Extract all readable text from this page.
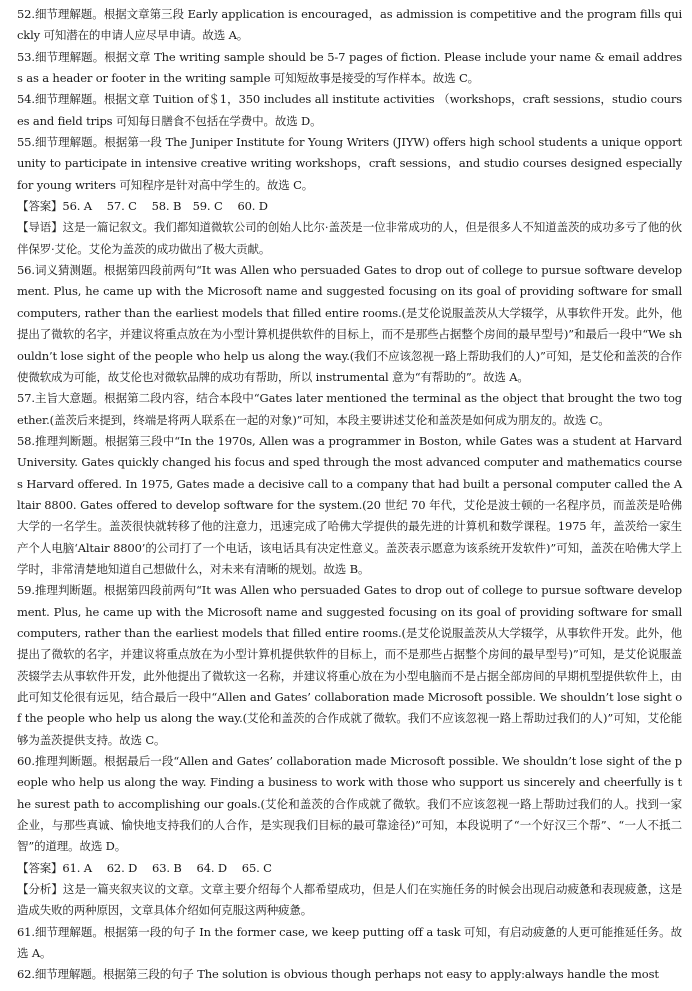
52.细节理解题。根据文章第三段 Early application is encouraged，as admission is competitive and the program fills quickly 可知潜在的申请人应尽早申请。故选 A。

53.细节理解题。根据文章 The writing sample should be 5-7 pages of fiction. Please include your name & email address as a header or footer in the writing sample 可知短故事是接受的写作样本。故选 C。

54.细节理解题。根据文章 Tuition of＄1，350 includes all institute activities （workshops，craft sessions，studio courses and field trips 可知每日膳食不包括在学费中。故选 D。

55.细节理解题。根据第一段 The Juniper Institute for Young Writers (JIYW) offers high school students a unique opportunity to participate in intensive creative writing workshops，craft sessions，and studio courses designed especially for young writers 可知程序是针对高中学生的。故选 C。

【答案】56. A　 57. C　 58. B　59. C　 60. D

【导语】这是一篇记叙文。我们都知道微软公司的创始人比尔·盖茨是一位非常成功的人，但是很多人不知道盖茨的成功多亏了他的伙伴保罗·艾伦。艾伦为盖茨的成功做出了极大贡献。

56.词义猜测题。根据第四段前两句“It was Allen who persuaded Gates to drop out of college to pursue software development. Plus, he came up with the Microsoft name and suggested focusing on its goal of providing software for small computers, rather than the earliest models that filled entire rooms.(是艾伦说服盖茨从大学辍学，从事软件开发。此外，他提出了微软的名字，并建议将重点放在为小型计算机提供软件的目标上，而不是那些占据整个房间的最早型号)”和最后一段中“We shouldn’t lose sight of the people who help us along the way.(我们不应该忽视一路上帮助我们的人)”可知，是艾伦和盖茨的合作使微软成为可能，故艾伦也对微软品牌的成功有帮助，所以 instrumental 意为“有帮助的”。故选 A。

57.主旨大意题。根据第二段内容，结合本段中“Gates later mentioned the terminal as the object that brought the two together.(盖茨后来提到，终端是将两人联系在一起的对象)”可知，本段主要讲述艾伦和盖茨是如何成为朋友的。故选 C。

58.推理判断题。根据第三段中“In the 1970s, Allen was a programmer in Boston, while Gates was a student at Harvard University. Gates quickly changed his focus and sped through the most advanced computer and mathematics courses Harvard offered. In 1975, Gates made a decisive call to a company that had built a personal computer called the Altair 8800. Gates offered to develop software for the system.(20 世纪 70 年代，艾伦是波士顿的一名程序员，而盖茨是哈佛大学的一名学生。盖茨很快就转移了他的注意力，迅速完成了哈佛大学提供的最先进的计算机和数学课程。1975 年，盖茨给一家生产个人电脑‘Altair 8800’的公司打了一个电话，该电话具有决定性意义。盖茨表示愿意为该系统开发软件)”可知，盖茨在哈佛大学上学时，非常清楚地知道自己想做什么，对未来有清晰的规划。故选 B。

59.推理判断题。根据第四段前两句“It was Allen who persuaded Gates to drop out of college to pursue software development. Plus, he came up with the Microsoft name and suggested focusing on its goal of providing software for small computers, rather than the earliest models that filled entire rooms.(是艾伦说服盖茨从大学辍学，从事软件开发。此外，他提出了微软的名字，并建议将重点放在为小型计算机提供软件的目标上，而不是那些占据整个房间的最早型号)”可知，是艾伦说服盖茨辍学去从事软件开发，此外他提出了微软这一名称，并建议将重心放在为小型电脑而不是占据全部房间的早期机型提供软件上，由此可知艾伦很有远见，结合最后一段中“Allen and Gates’ collaboration made Microsoft possible. We shouldn’t lose sight of the people who help us along the way.(艾伦和盖茨的合作成就了微软。我们不应该忽视一路上帮助过我们的人)”可知，艾伦能够为盖茨提供支持。故选 C。

60.推理判断题。根据最后一段“Allen and Gates’ collaboration made Microsoft possible. We shouldn’t lose sight of the people who help us along the way. Finding a business to work with those who support us sincerely and cheerfully is the surest path to accomplishing our goals.(艾伦和盖茨的合作成就了微软。我们不应该忽视一路上帮助过我们的人。找到一家企业，与那些真诚、愉快地支持我们的人合作，是实现我们目标的最可靠途径)”可知，本段说明了“一个好汉三个帮”、“一人不抵二智”的道理。故选 D。

【答案】61. A　 62. D　 63. B　 64. D　 65. C

【分析】这是一篇夹叙夹议的文章。文章主要介绍每个人都希望成功，但是人们在实施任务的时候会出现启动疲惫和表现疲惫，这是造成失败的两种原因，文章具体介绍如何克服这两种疲惫。

61.细节理解题。根据第一段的句子 In the former case, we keep putting off a task 可知，有启动疲惫的人更可能推延任务。故选 A。

62.细节理解题。根据第三段的句子 The solution is obvious though perhaps not easy to apply:always handle the most
